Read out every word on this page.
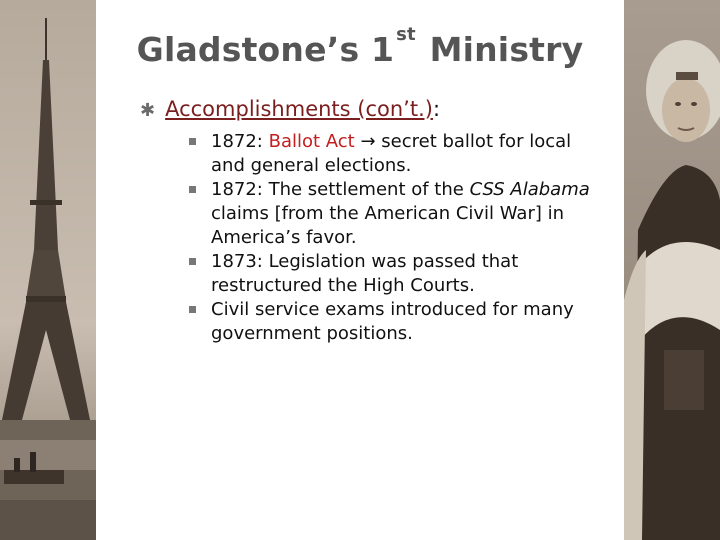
Gladstone’s 1 $^{st}$ Ministry
✱ Accomplishments (con’t.):
1872: Ballot Act → secret ballot for local and general elections.
1872: The settlement of the CSS Alabama claims [from the American Civil War] in America’s favor.
1873: Legislation was passed that restructured the High Courts.
Civil service exams introduced for many government positions.
